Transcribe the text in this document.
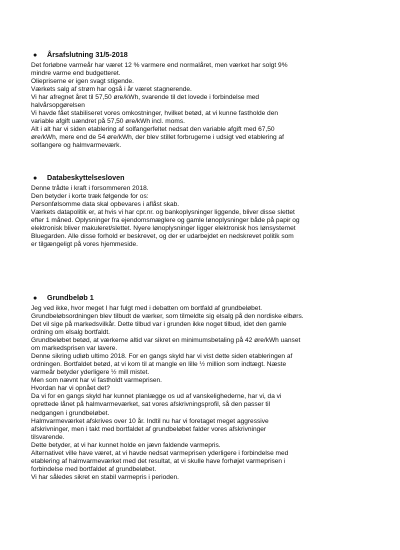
●	Årsafslutning 31/5-2018
Det forløbne varmeår har været 12 % varmere end normalåret, men værket har solgt 9%
mindre varme end budgetteret.
Oliepriserne er igen svagt stigende.
Værkets salg af strøm har også i år været stagnerende.
Vi har afregnet året til 57,50 øre/kWh, svarende til det lovede i forbindelse med
halvårsopgørelsen
Vi havde fået stabiliseret vores omkostninger, hvilket betød, at vi kunne fastholde den
variable afgift uændret på 57,50 øre/kWh incl. moms.
Alt i alt har vi siden etablering af solfangerfeltet nedsat den variable afgift med 67,50
øre/kWh, mere end de 54 øre/kWh, der blev stillet forbrugerne i udsigt ved etablering af
solfangere og halmvarmeværk.
●	Databeskyttelsesloven
Denne trådte i kraft i forsommeren 2018.
Den betyder i korte træk følgende for os:
Personfølsomme data skal opbevares i aflåst skab.
Værkets datapolitik er, at hvis vi har cpr.nr. og bankoplysninger liggende, bliver disse slettet
efter 1 måned. Oplysninger fra ejendomsmæglere og gamle lønoplysninger både på papir og
elektronisk bliver makuleret/slettet. Nyere lønoplysninger ligger elektronisk hos lønsystemet
Bluegarden. Alle disse forhold er beskrevet, og der er udarbejdet en nedskrevet politik som
er tilgængeligt på vores hjemmeside.
●	Grundbeløb 1
Jeg ved ikke, hvor meget I har fulgt med i debatten om bortfald af grundbeløbet.
Grundbeløbsordningen blev tilbudt de værker, som tilmeldte sig elsalg på den nordiske elbørs.
Det vil sige på markedsvilkår. Dette tilbud var i grunden ikke noget tilbud, idet den gamle
ordning om elsalg bortfaldt.
Grundbeløbet betød, at værkerne altid var sikret en minimumsbetaling på 42 øre/kWh uanset
om markedsprisen var lavere.
Denne sikring udløb ultimo 2018. For en gangs skyld har vi vist dette siden etableringen af
ordningen. Bortfaldet betød, at vi kom til at mangle en lille ½ million som indtægt. Næste
varmeår betyder yderligere ½ mill mistet.
Men som nævnt har vi fastholdt varmeprisen.
Hvordan har vi opnået det?
Da vi for en gangs skyld har kunnet planlægge os ud af vanskelighederne, har vi, da vi
oprettede lånet på halmvarmeværket, sat vores afskrivningsprofil, så den passer til
nedgangen i grundbeløbet.
Halmvarmeværket afskrives over 10 år. Indtil nu har vi foretaget meget aggressive
afskrivninger, men i takt med bortfaldet af grundbeløbet falder vores afskrivninger
tilsvarende.
Dette betyder, at vi har kunnet holde en jævn faldende varmepris.
Alternativet ville have været, at vi havde nedsat varmeprisen yderligere i forbindelse med
etablering af halmvarmeværket med det resultat, at vi skulle have forhøjet varmeprisen i
forbindelse med bortfaldet af grundbeløbet.
Vi har således sikret en stabil varmepris i perioden.
